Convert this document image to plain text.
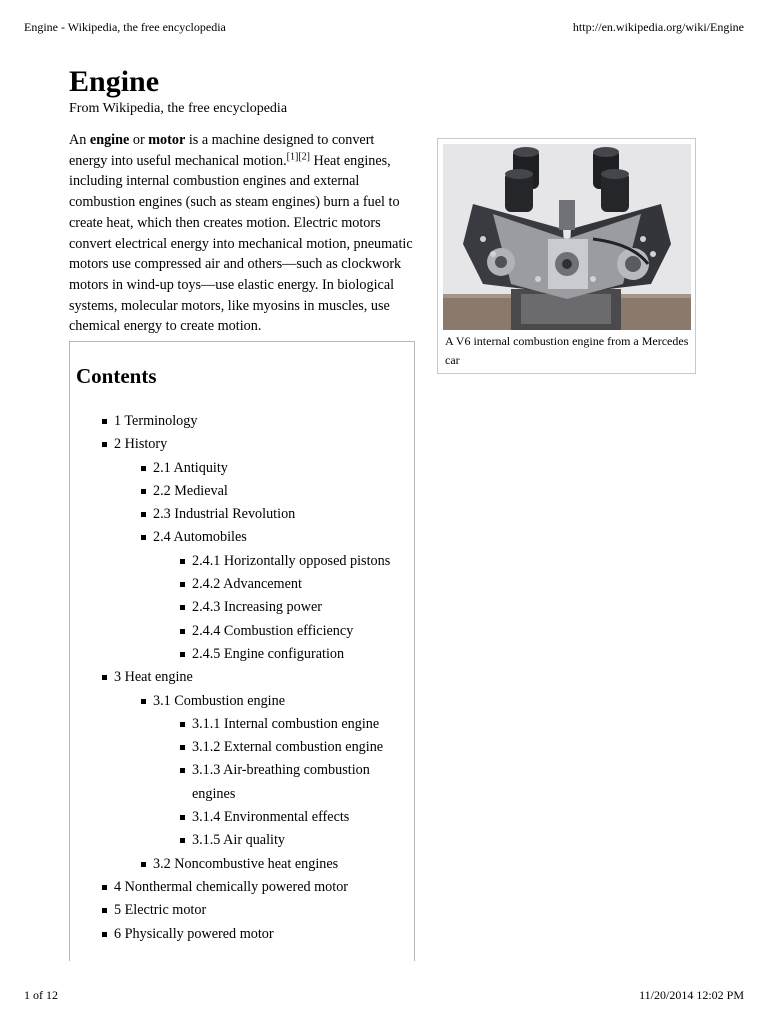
Engine - Wikipedia, the free encyclopedia	http://en.wikipedia.org/wiki/Engine
Engine
From Wikipedia, the free encyclopedia

An engine or motor is a machine designed to convert energy into useful mechanical motion.[1][2] Heat engines, including internal combustion engines and external combustion engines (such as steam engines) burn a fuel to create heat, which then creates motion. Electric motors convert electrical energy into mechanical motion, pneumatic motors use compressed air and others—such as clockwork motors in wind-up toys—use elastic energy. In biological systems, molecular motors, like myosins in muscles, use chemical energy to create motion.

A V6 internal combustion engine from a Mercedes car
Contents
1 Terminology
2 History
2.1 Antiquity
2.2 Medieval
2.3 Industrial Revolution
2.4 Automobiles
2.4.1 Horizontally opposed pistons
2.4.2 Advancement
2.4.3 Increasing power
2.4.4 Combustion efficiency
2.4.5 Engine configuration
3 Heat engine
3.1 Combustion engine
3.1.1 Internal combustion engine
3.1.2 External combustion engine
3.1.3 Air-breathing combustion engines
3.1.4 Environmental effects
3.1.5 Air quality
3.2 Noncombustive heat engines
4 Nonthermal chemically powered motor
5 Electric motor
6 Physically powered motor
1 of 12	11/20/2014 12:02 PM
